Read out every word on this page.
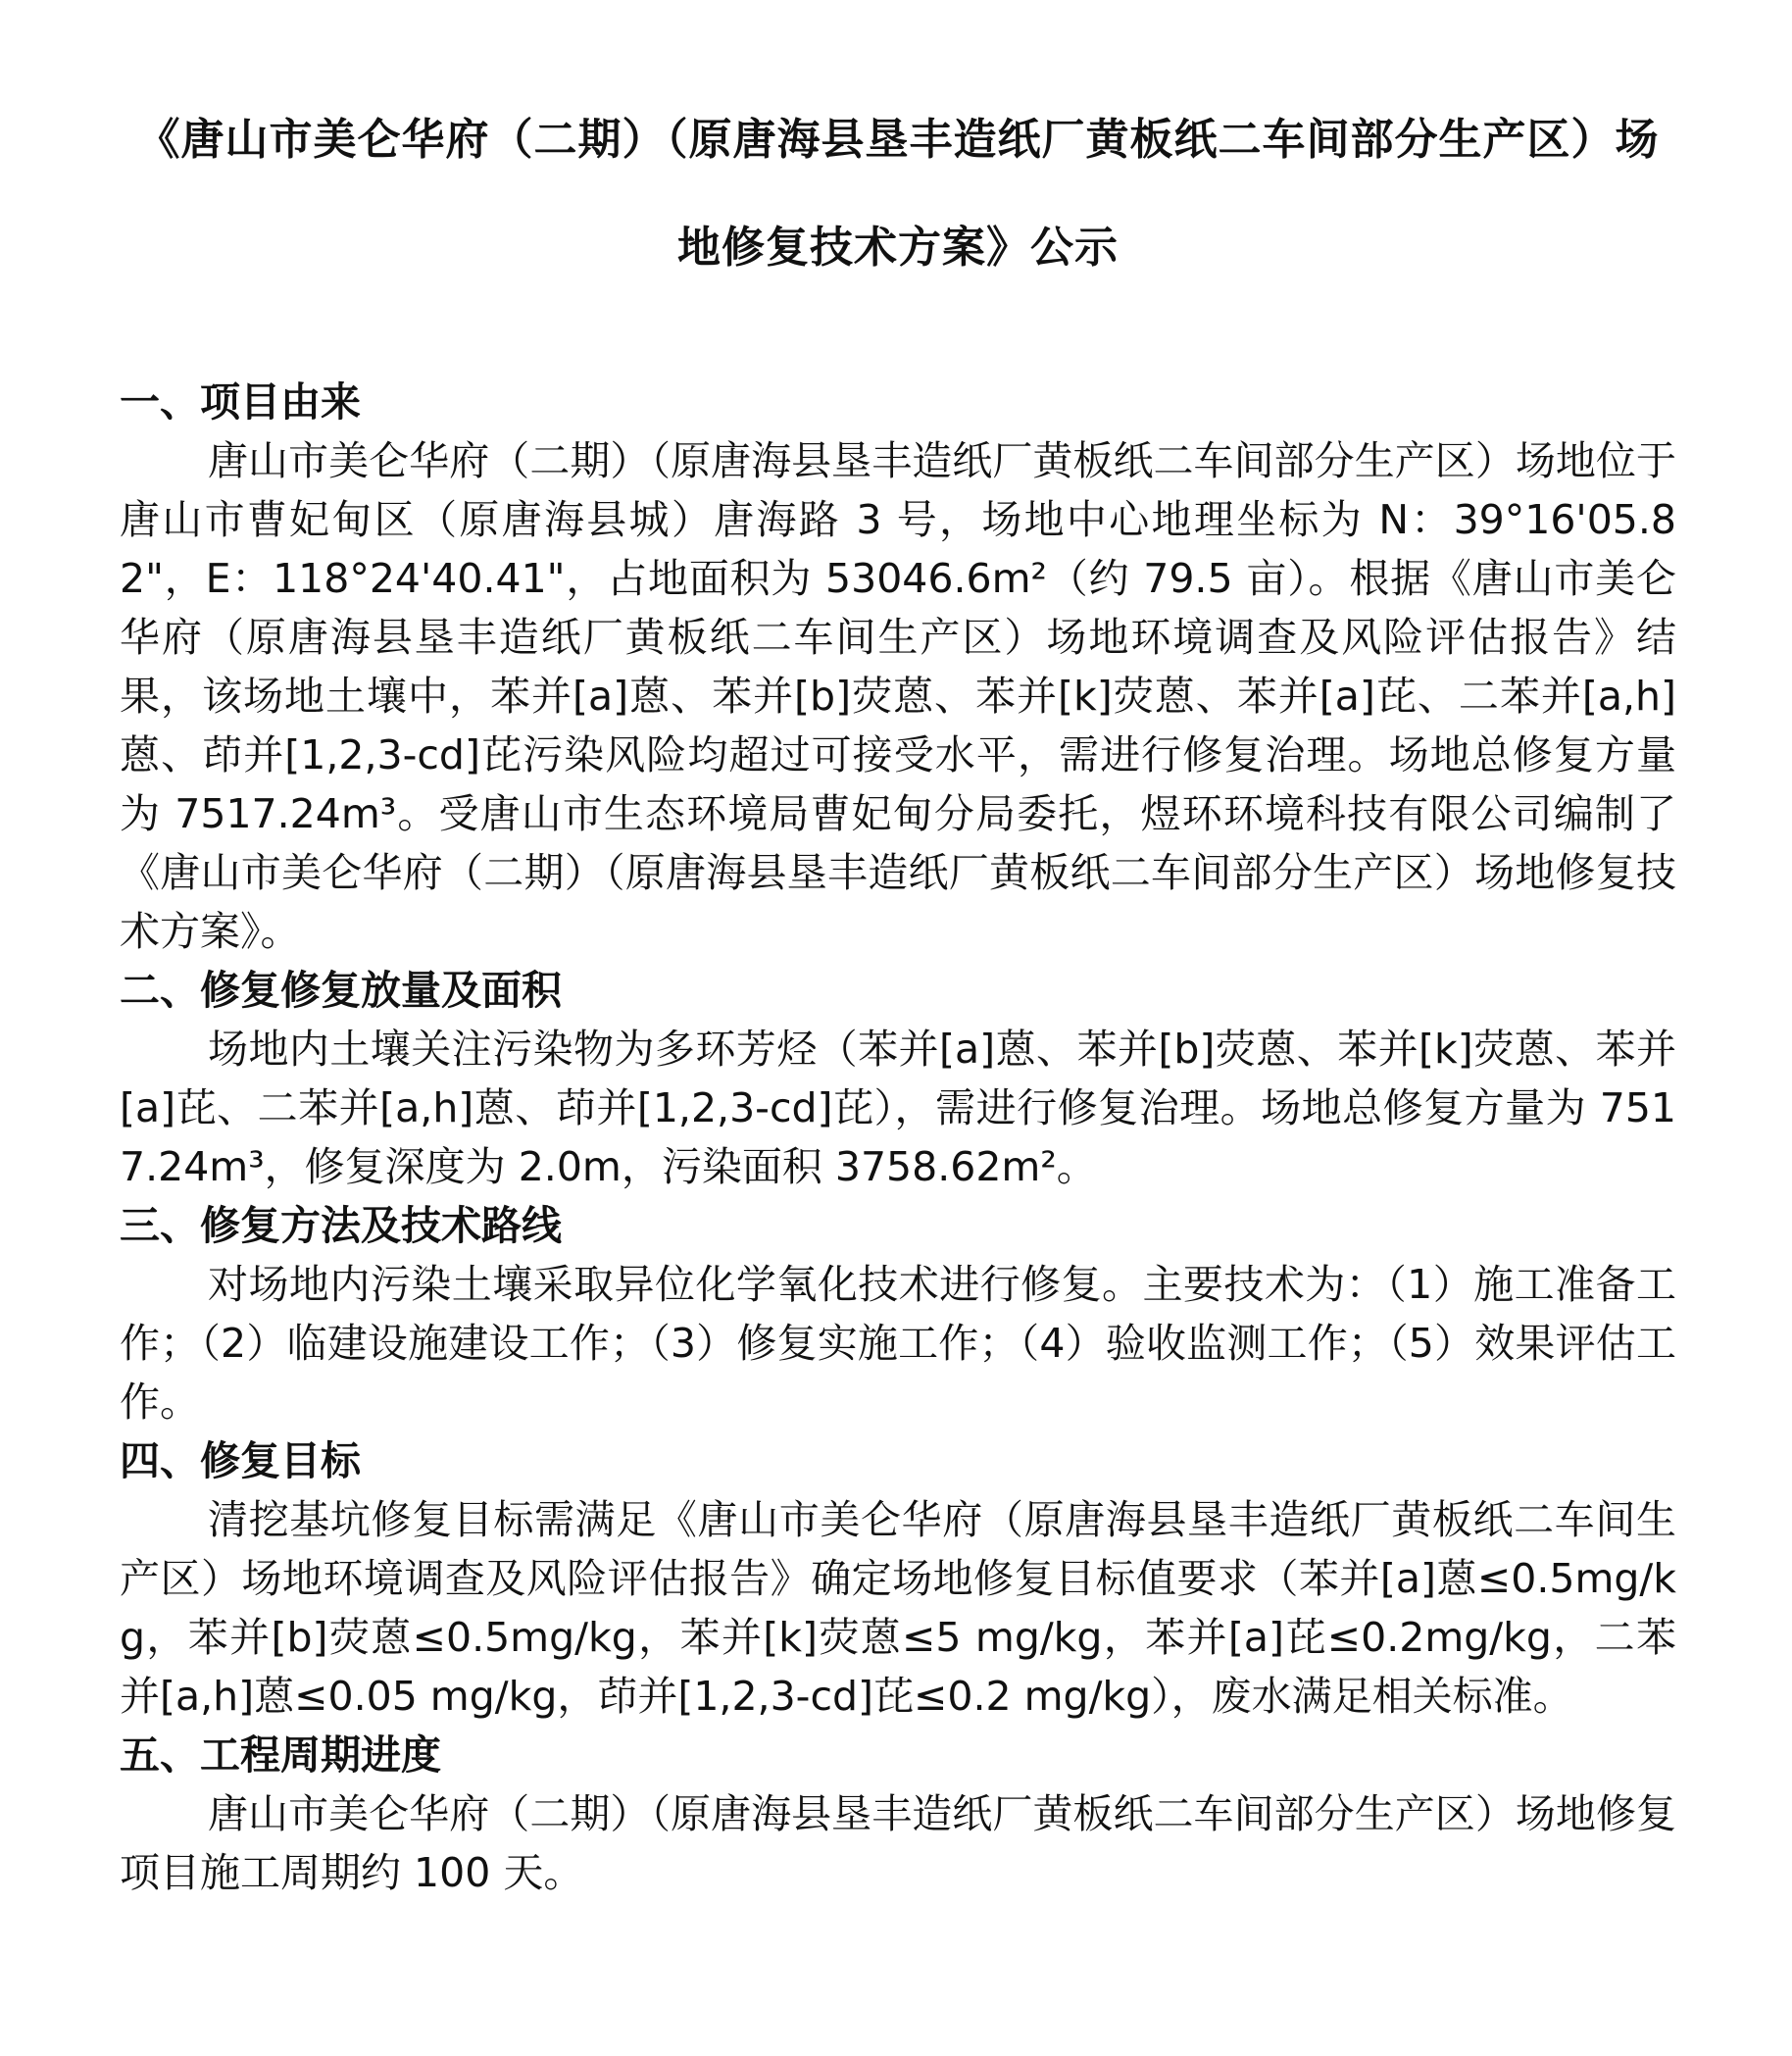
《唐山市美仑华府（二期）（原唐海县垦丰造纸厂黄板纸二车间部分生产区）场地修复技术方案》公示

一、项目由来

唐山市美仑华府（二期）（原唐海县垦丰造纸厂黄板纸二车间部分生产区）场地位于唐山市曹妃甸区（原唐海县城）唐海路 3 号，场地中心地理坐标为 N：39°16'05.82"，E：118°24'40.41"，占地面积为 53046.6m²（约 79.5 亩）。根据《唐山市美仑华府（原唐海县垦丰造纸厂黄板纸二车间生产区）场地环境调查及风险评估报告》结果，该场地土壤中，苯并[a]蒽、苯并[b]荧蒽、苯并[k]荧蒽、苯并[a]芘、二苯并[a,h]蒽、茚并[1,2,3-cd]芘污染风险均超过可接受水平，需进行修复治理。场地总修复方量为 7517.24m³。受唐山市生态环境局曹妃甸分局委托，煜环环境科技有限公司编制了《唐山市美仑华府（二期）（原唐海县垦丰造纸厂黄板纸二车间部分生产区）场地修复技术方案》。

二、修复修复放量及面积

场地内土壤关注污染物为多环芳烃（苯并[a]蒽、苯并[b]荧蒽、苯并[k]荧蒽、苯并[a]芘、二苯并[a,h]蒽、茚并[1,2,3-cd]芘），需进行修复治理。场地总修复方量为 7517.24m³，修复深度为 2.0m，污染面积 3758.62m²。

三、修复方法及技术路线

对场地内污染土壤采取异位化学氧化技术进行修复。主要技术为：（1）施工准备工作；（2）临建设施建设工作；（3）修复实施工作；（4）验收监测工作；（5）效果评估工作。

四、修复目标

清挖基坑修复目标需满足《唐山市美仑华府（原唐海县垦丰造纸厂黄板纸二车间生产区）场地环境调查及风险评估报告》确定场地修复目标值要求（苯并[a]蒽≤0.5mg/kg，苯并[b]荧蒽≤0.5mg/kg，苯并[k]荧蒽≤5 mg/kg，苯并[a]芘≤0.2mg/kg，二苯并[a,h]蒽≤0.05 mg/kg，茚并[1,2,3-cd]芘≤0.2 mg/kg），废水满足相关标准。

五、工程周期进度

唐山市美仑华府（二期）（原唐海县垦丰造纸厂黄板纸二车间部分生产区）场地修复项目施工周期约 100 天。
